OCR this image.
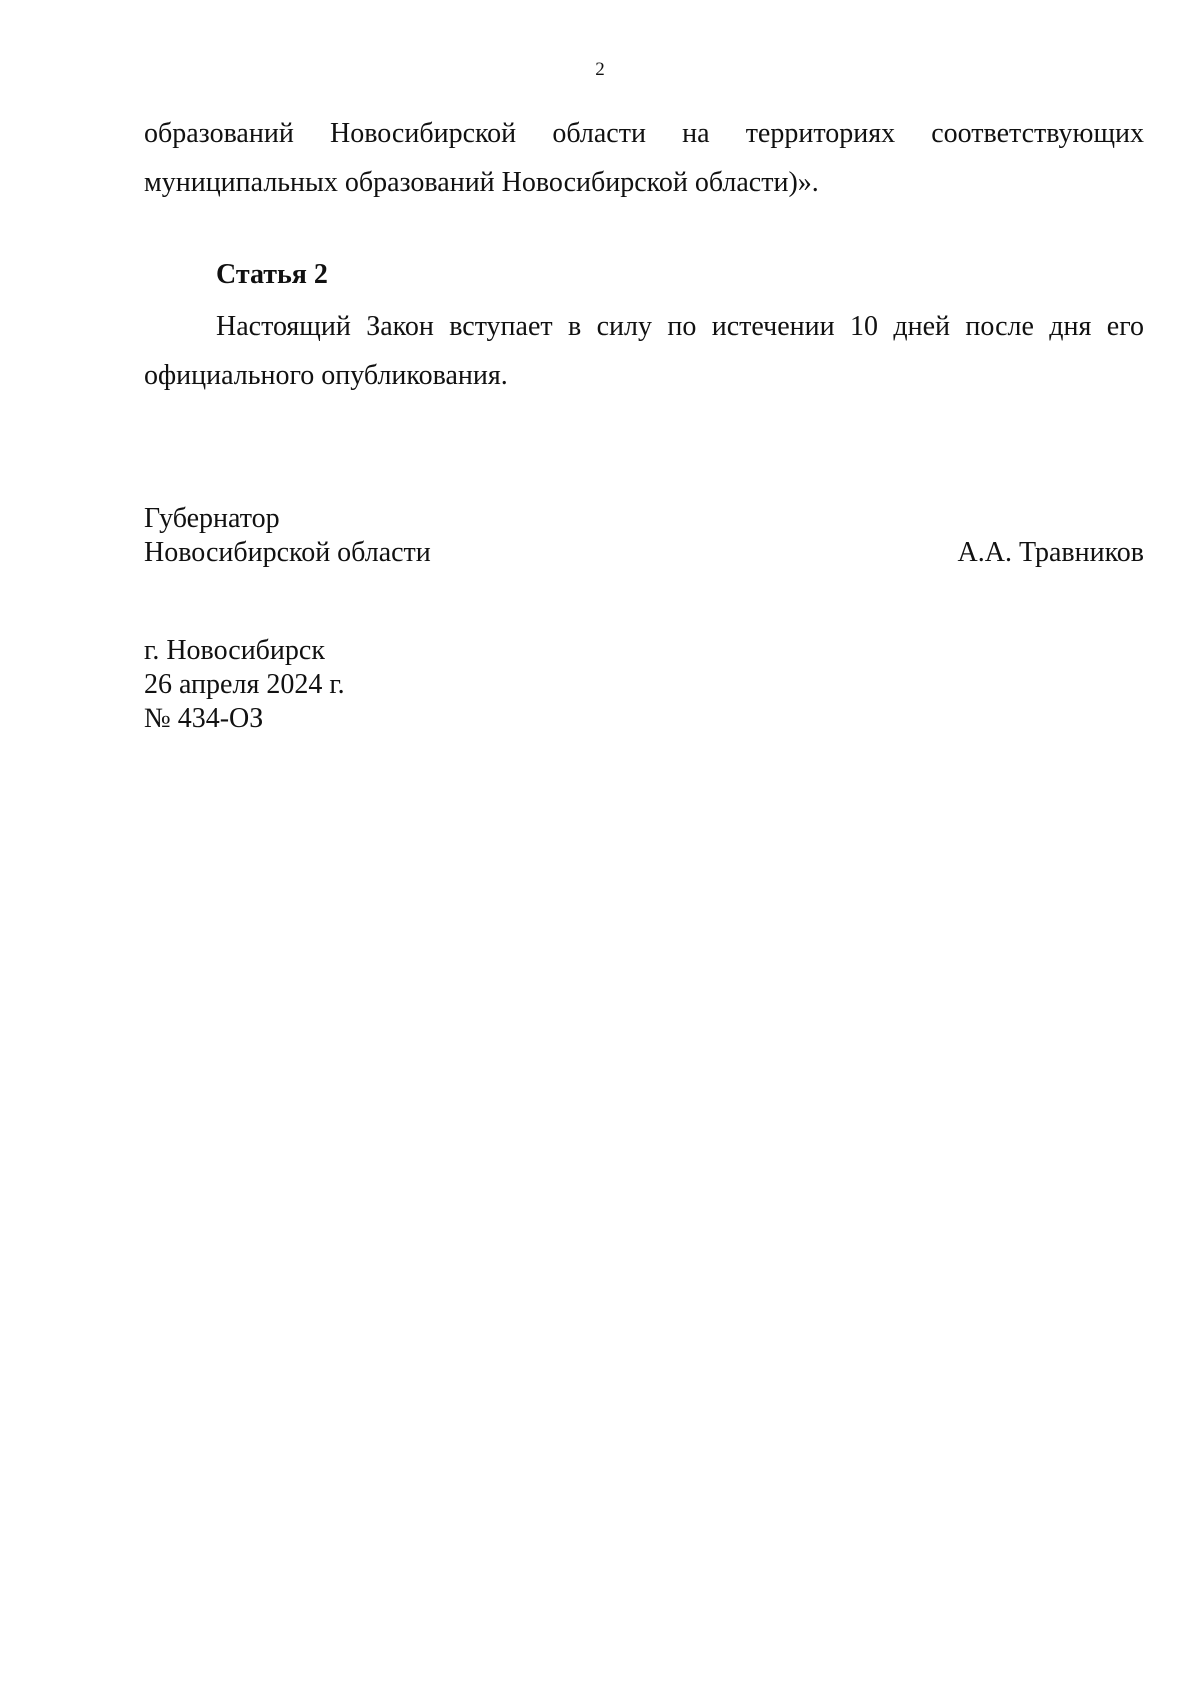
2
образований Новосибирской области на территориях соответствующих
муниципальных образований Новосибирской области)».
Статья 2
Настоящий Закон вступает в силу по истечении 10 дней после дня его
официального опубликования.
Губернатор
Новосибирской области	А.А. Травников
г. Новосибирск
26 апреля 2024 г.
№ 434-ОЗ
